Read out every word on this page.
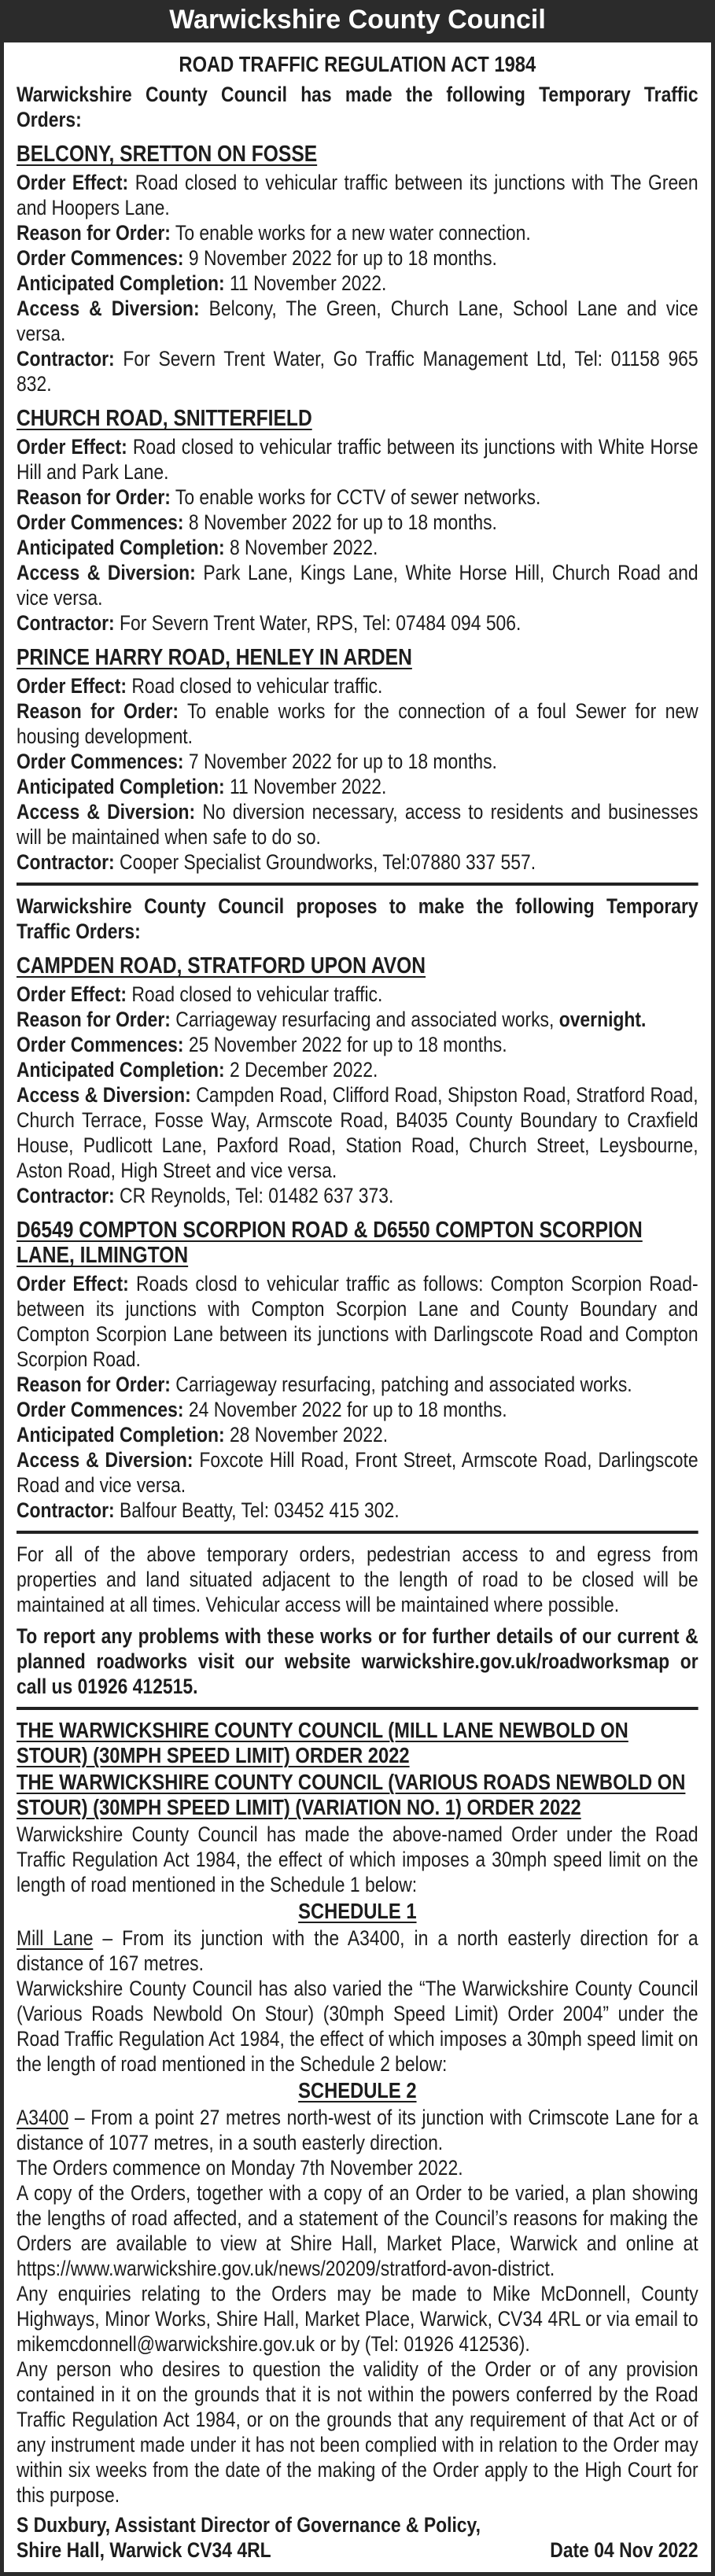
Warwickshire County Council
ROAD TRAFFIC REGULATION ACT 1984

Warwickshire County Council has made the following Temporary Traffic Orders:

BELCONY, SRETTON ON FOSSE

Order Effect: Road closed to vehicular traffic between its junctions with The Green and Hoopers Lane.

Reason for Order: To enable works for a new water connection.

Order Commences: 9 November 2022 for up to 18 months.

Anticipated Completion: 11 November 2022.

Access & Diversion: Belcony, The Green, Church Lane, School Lane and vice versa.

Contractor: For Severn Trent Water, Go Traffic Management Ltd, Tel: 01158 965 832.

CHURCH ROAD, SNITTERFIELD

Order Effect: Road closed to vehicular traffic between its junctions with White Horse Hill and Park Lane.

Reason for Order: To enable works for CCTV of sewer networks.

Order Commences: 8 November 2022 for up to 18 months.

Anticipated Completion: 8 November 2022.

Access & Diversion: Park Lane, Kings Lane, White Horse Hill, Church Road and vice versa.

Contractor: For Severn Trent Water, RPS, Tel: 07484 094 506.

PRINCE HARRY ROAD, HENLEY IN ARDEN

Order Effect: Road closed to vehicular traffic.

Reason for Order: To enable works for the connection of a foul Sewer for new housing development.

Order Commences: 7 November 2022 for up to 18 months.

Anticipated Completion: 11 November 2022.

Access & Diversion: No diversion necessary, access to residents and businesses will be maintained when safe to do so.

Contractor: Cooper Specialist Groundworks, Tel:07880 337 557.

Warwickshire County Council proposes to make the following Temporary Traffic Orders:

CAMPDEN ROAD, STRATFORD UPON AVON

Order Effect: Road closed to vehicular traffic.

Reason for Order: Carriageway resurfacing and associated works, overnight.

Order Commences: 25 November 2022 for up to 18 months.

Anticipated Completion: 2 December 2022.

Access & Diversion: Campden Road, Clifford Road, Shipston Road, Stratford Road, Church Terrace, Fosse Way, Armscote Road, B4035 County Boundary to Craxfield House, Pudlicott Lane, Paxford Road, Station Road, Church Street, Leysbourne, Aston Road, High Street and vice versa.

Contractor: CR Reynolds, Tel: 01482 637 373.

D6549 COMPTON SCORPION ROAD & D6550 COMPTON SCORPION LANE, ILMINGTON

Order Effect: Roads closd to vehicular traffic as follows: Compton Scorpion Road-between its junctions with Compton Scorpion Lane and County Boundary and Compton Scorpion Lane between its junctions with Darlingscote Road and Compton Scorpion Road.

Reason for Order: Carriageway resurfacing, patching and associated works.

Order Commences: 24 November 2022 for up to 18 months.

Anticipated Completion: 28 November 2022.

Access & Diversion: Foxcote Hill Road, Front Street, Armscote Road, Darlingscote Road and vice versa.

Contractor: Balfour Beatty, Tel: 03452 415 302.

For all of the above temporary orders, pedestrian access to and egress from properties and land situated adjacent to the length of road to be closed will be maintained at all times. Vehicular access will be maintained where possible.

To report any problems with these works or for further details of our current & planned roadworks visit our website warwickshire.gov.uk/roadworksmap or call us 01926 412515.

THE WARWICKSHIRE COUNTY COUNCIL (MILL LANE NEWBOLD ON STOUR) (30MPH SPEED LIMIT) ORDER 2022
THE WARWICKSHIRE COUNTY COUNCIL (VARIOUS ROADS NEWBOLD ON STOUR) (30MPH SPEED LIMIT) (VARIATION NO. 1) ORDER 2022

Warwickshire County Council has made the above-named Order under the Road Traffic Regulation Act 1984, the effect of which imposes a 30mph speed limit on the length of road mentioned in the Schedule 1 below:

SCHEDULE 1

Mill Lane – From its junction with the A3400, in a north easterly direction for a distance of 167 metres.

Warwickshire County Council has also varied the “The Warwickshire County Council (Various Roads Newbold On Stour) (30mph Speed Limit) Order 2004” under the Road Traffic Regulation Act 1984, the effect of which imposes a 30mph speed limit on the length of road mentioned in the Schedule 2 below:

SCHEDULE 2

A3400 – From a point 27 metres north-west of its junction with Crimscote Lane for a distance of 1077 metres, in a south easterly direction.

The Orders commence on Monday 7th November 2022.

A copy of the Orders, together with a copy of an Order to be varied, a plan showing the lengths of road affected, and a statement of the Council’s reasons for making the Orders are available to view at Shire Hall, Market Place, Warwick and online at https://www.warwickshire.gov.uk/news/20209/stratford-avon-district.

Any enquiries relating to the Orders may be made to Mike McDonnell, County Highways, Minor Works, Shire Hall, Market Place, Warwick, CV34 4RL or via email to mikemcdonnell@warwickshire.gov.uk or by (Tel: 01926 412536).

Any person who desires to question the validity of the Order or of any provision contained in it on the grounds that it is not within the powers conferred by the Road Traffic Regulation Act 1984, or on the grounds that any requirement of that Act or of any instrument made under it has not been complied with in relation to the Order may within six weeks from the date of the making of the Order apply to the High Court for this purpose.

S Duxbury, Assistant Director of Governance & Policy,

Shire Hall, Warwick CV34 4RL	Date 04 Nov 2022
